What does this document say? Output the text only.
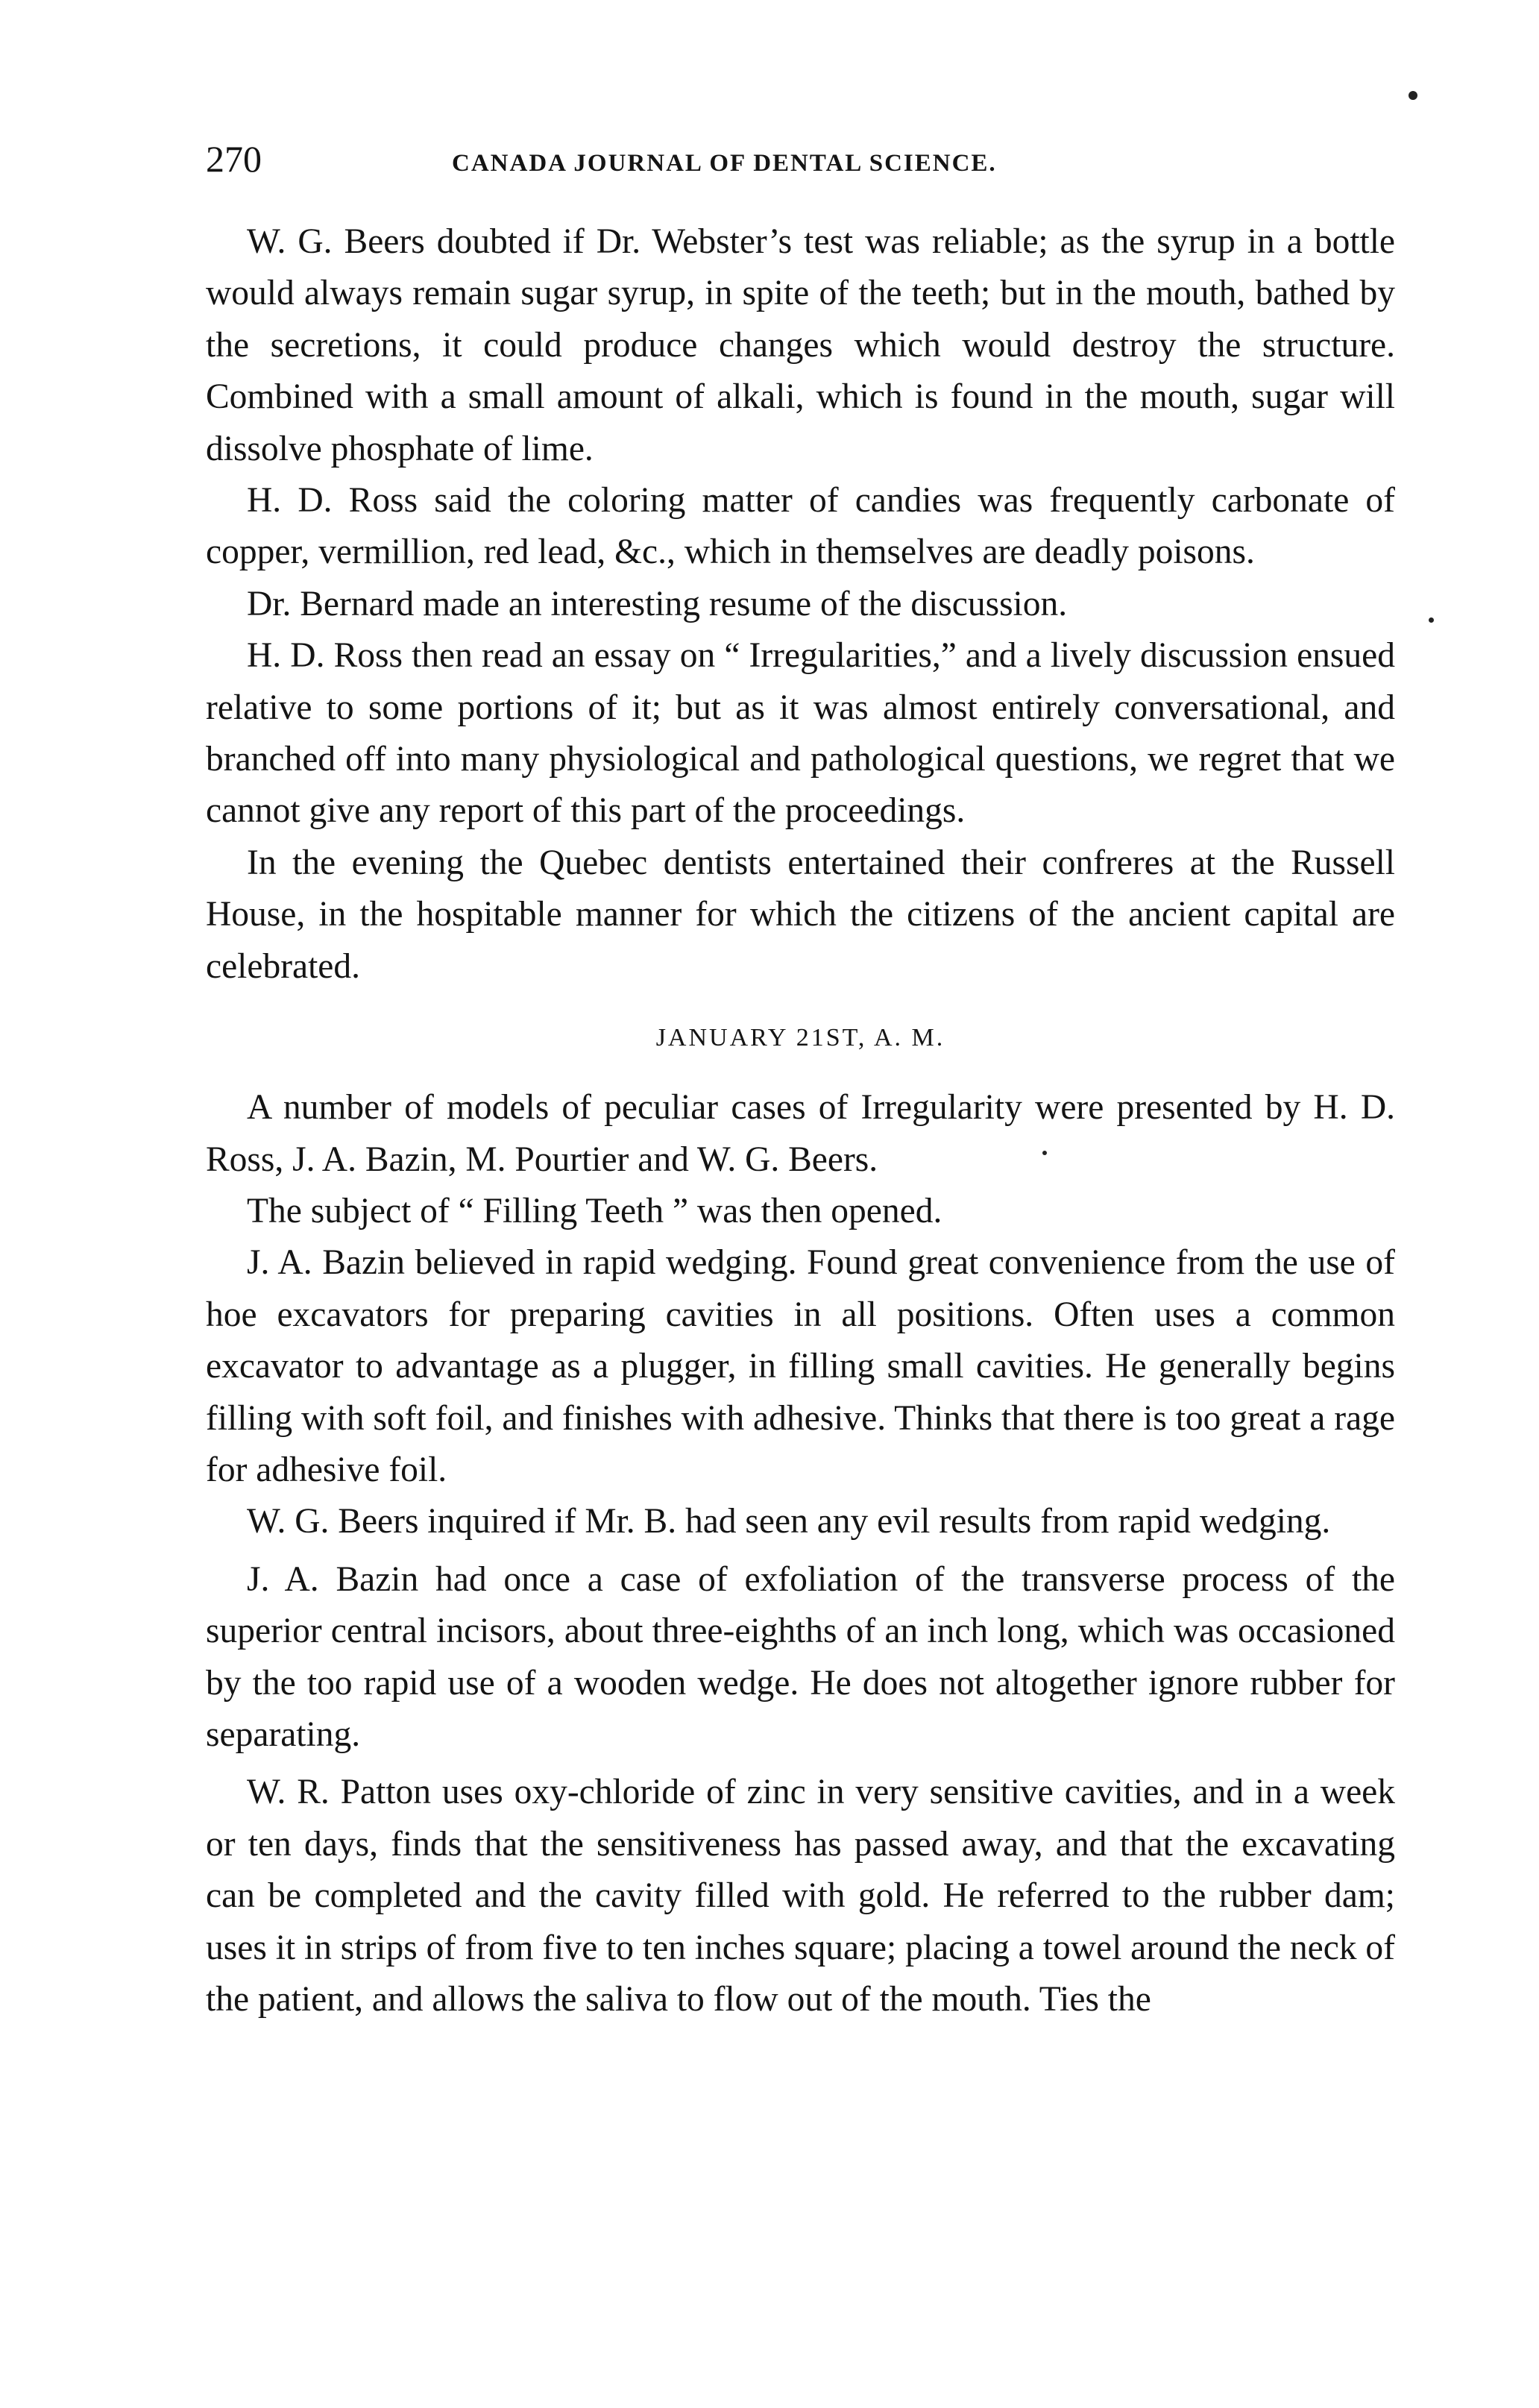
270	CANADA JOURNAL OF DENTAL SCIENCE.

W. G. Beers doubted if Dr. Webster’s test was reliable; as the syrup in a bottle would always remain sugar syrup, in spite of the teeth; but in the mouth, bathed by the secretions, it could produce changes which would destroy the structure. Combined with a small amount of alkali, which is found in the mouth, sugar will dissolve phosphate of lime.

H. D. Ross said the coloring matter of candies was frequently carbonate of copper, vermillion, red lead, &c., which in themselves are deadly poisons.

Dr. Bernard made an interesting resume of the discussion.

H. D. Ross then read an essay on “ Irregularities,” and a lively discussion ensued relative to some portions of it; but as it was almost entirely conversational, and branched off into many physiological and pathological questions, we regret that we cannot give any report of this part of the proceedings.

In the evening the Quebec dentists entertained their confreres at the Russell House, in the hospitable manner for which the citizens of the ancient capital are celebrated.

JANUARY 21ST, A. M.

A number of models of peculiar cases of Irregularity were presented by H. D. Ross, J. A. Bazin, M. Pourtier and W. G. Beers.

The subject of “ Filling Teeth ” was then opened.

J. A. Bazin believed in rapid wedging. Found great convenience from the use of hoe excavators for preparing cavities in all positions. Often uses a common excavator to advantage as a plugger, in filling small cavities. He generally begins filling with soft foil, and finishes with adhesive. Thinks that there is too great a rage for adhesive foil.

W. G. Beers inquired if Mr. B. had seen any evil results from rapid wedging.

J. A. Bazin had once a case of exfoliation of the transverse process of the superior central incisors, about three-eighths of an inch long, which was occasioned by the too rapid use of a wooden wedge. He does not altogether ignore rubber for separating.

W. R. Patton uses oxy-chloride of zinc in very sensitive cavities, and in a week or ten days, finds that the sensitiveness has passed away, and that the excavating can be completed and the cavity filled with gold. He referred to the rubber dam; uses it in strips of from five to ten inches square; placing a towel around the neck of the patient, and allows the saliva to flow out of the mouth. Ties the
